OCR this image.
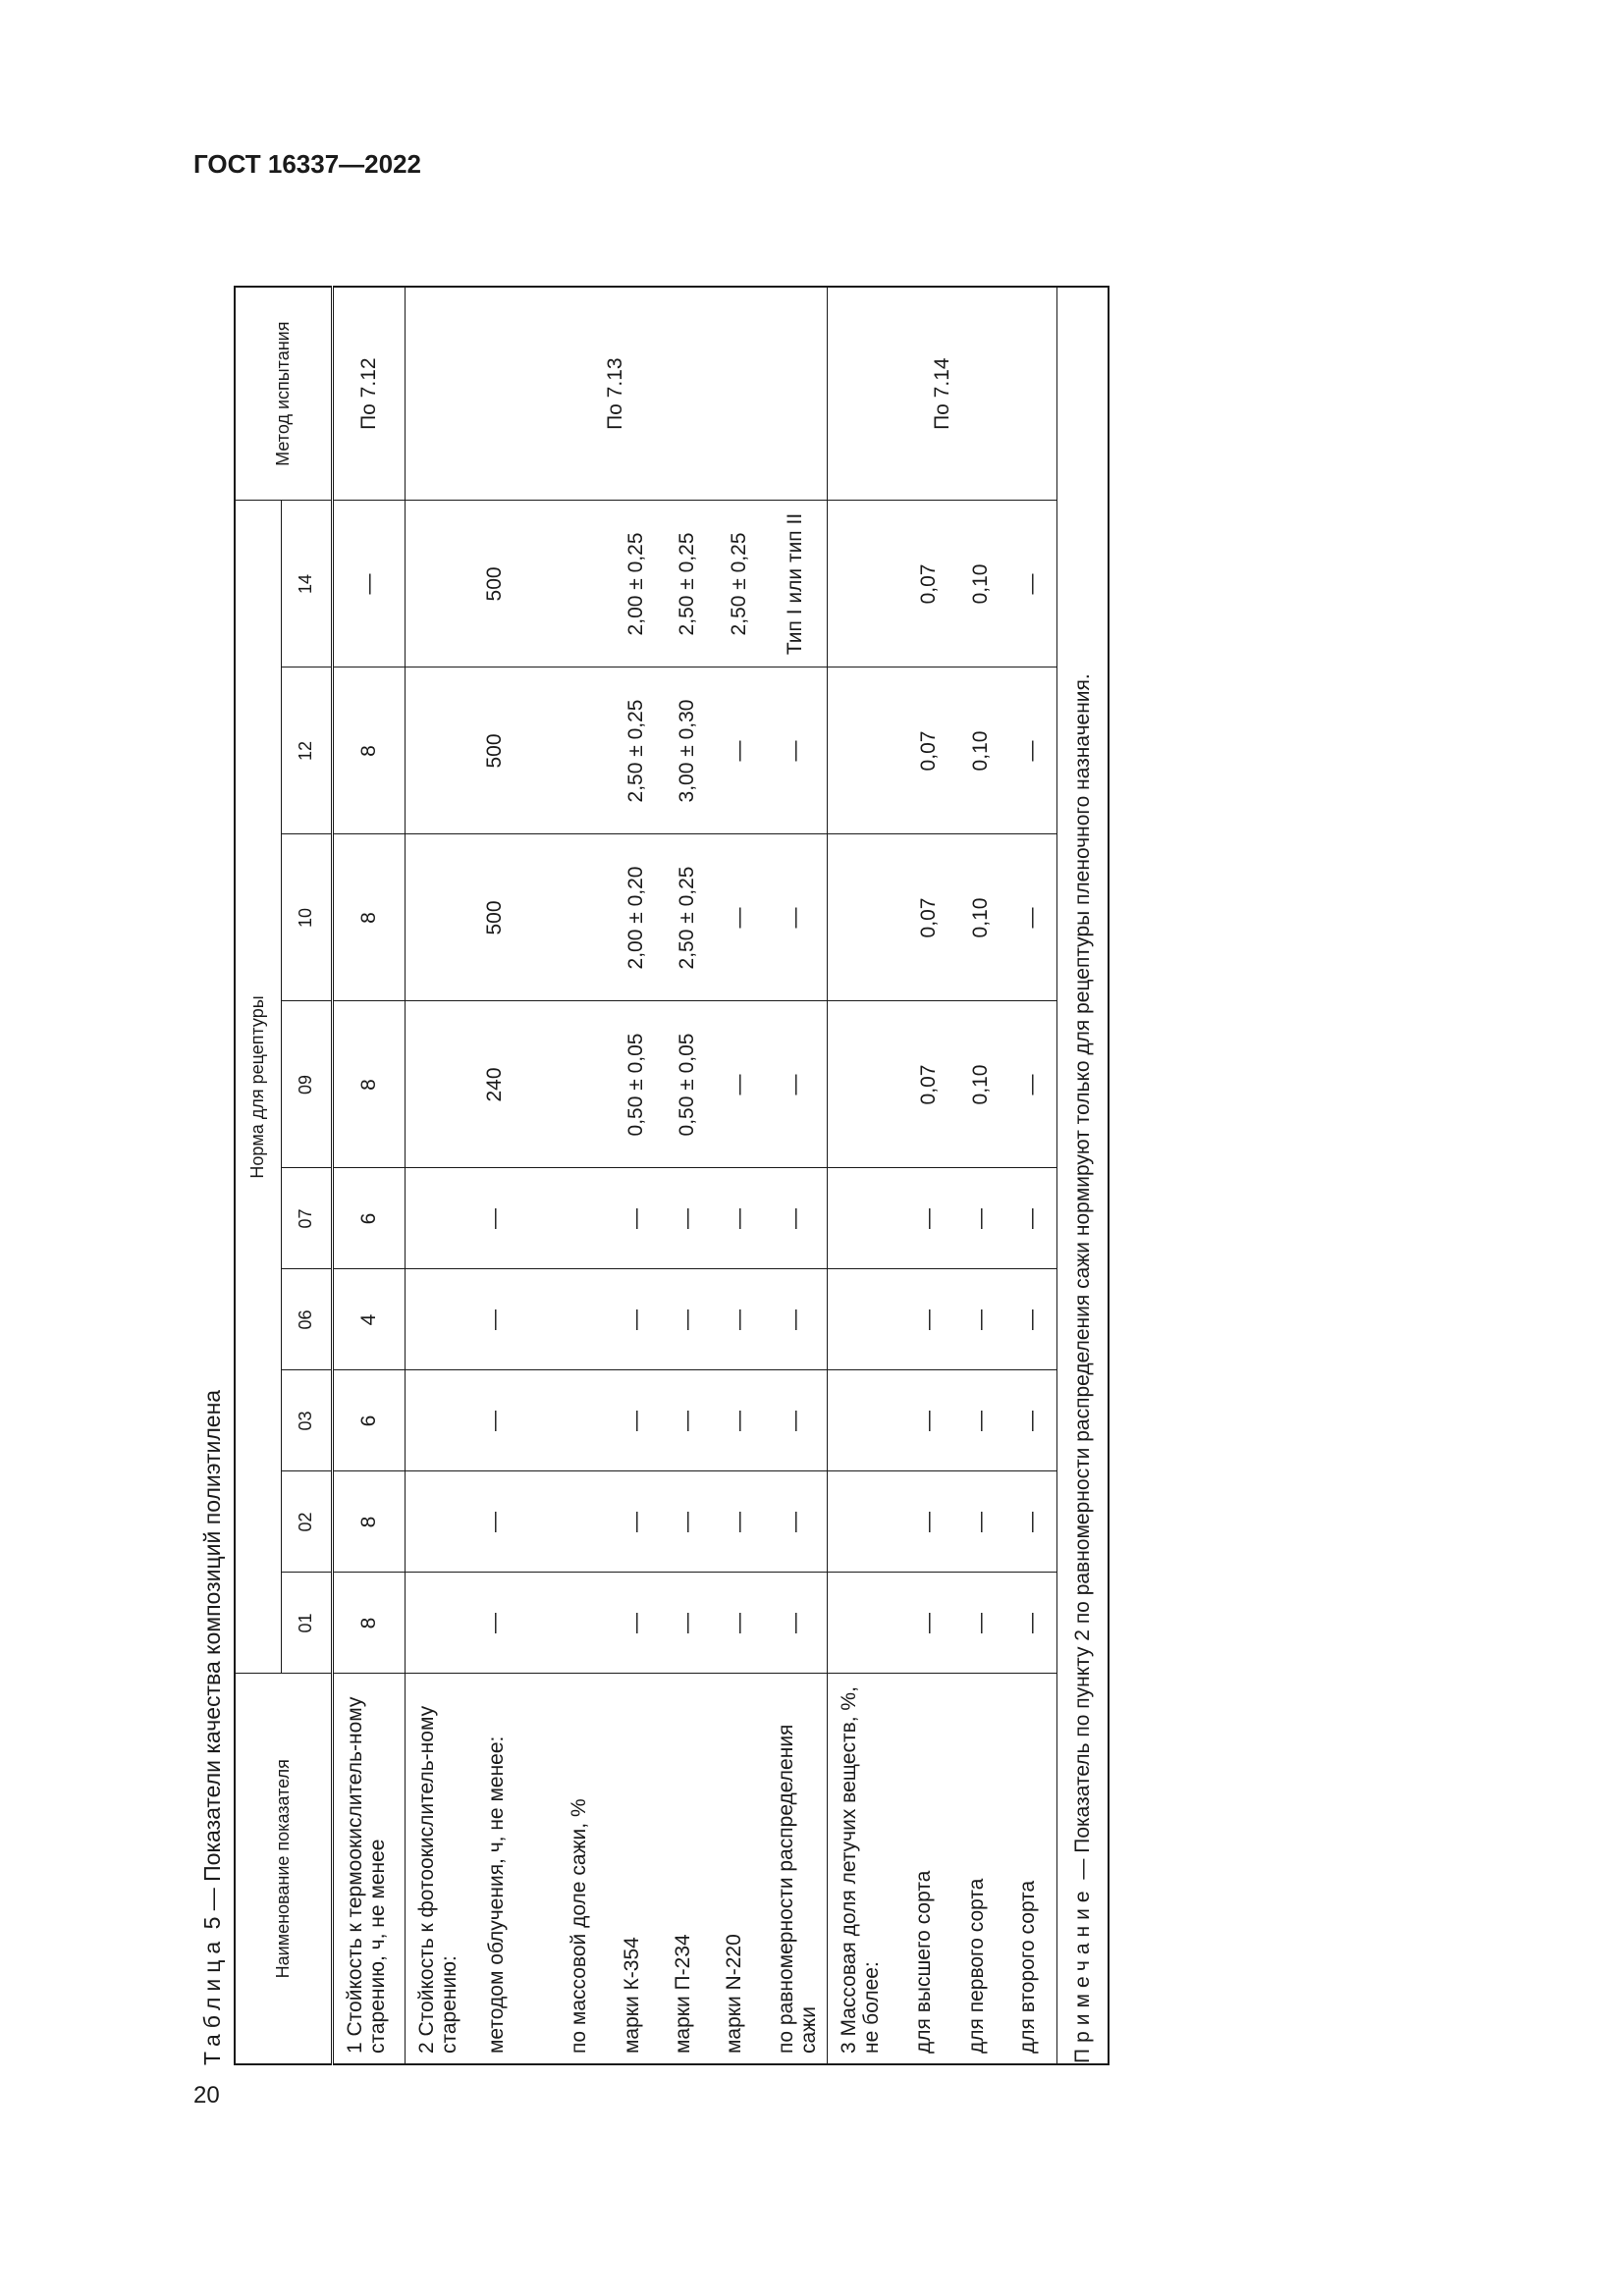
ГОСТ 16337—2022
20
Таблица 5 — Показатели качества композиций полиэтилена	Наименование показателя	Норма для рецептуры									Метод испытания
	01	02	03	06	07	09	10	12	14	
1 Стойкость к термоокислитель-ному старению, ч, не менее	8	8	6	4	6	8	8	8	—	По 7.12
2 Стойкость к фотоокислитель-ному старению:										По 7.13
методом облучения, ч, не менее:	—	—	—	—	—	240	500	500	500	
по массовой доле сажи, %										
марки К-354	—	—	—	—	—	0,50 ± 0,05	2,00 ± 0,20	2,50 ± 0,25	2,00 ± 0,25	
марки П-234	—	—	—	—	—	0,50 ± 0,05	2,50 ± 0,25	3,00 ± 0,30	2,50 ± 0,25	
марки N-220	—	—	—	—	—	—	—	—	2,50 ± 0,25	
по равномерности распределения сажи	—	—	—	—	—	—	—	—	Тип I или тип II	
3 Массовая доля летучих веществ, %, не более:										По 7.14
для высшего сорта	—	—	—	—	—	0,07	0,07	0,07	0,07	
для первого сорта	—	—	—	—	—	0,10	0,10	0,10	0,10	
для второго сорта	—	—	—	—	—	—	—	—	—	
Примечание — Показатель по пункту 2 по равномерности распределения сажи нормируют только для рецептуры пленочного назначения.										
